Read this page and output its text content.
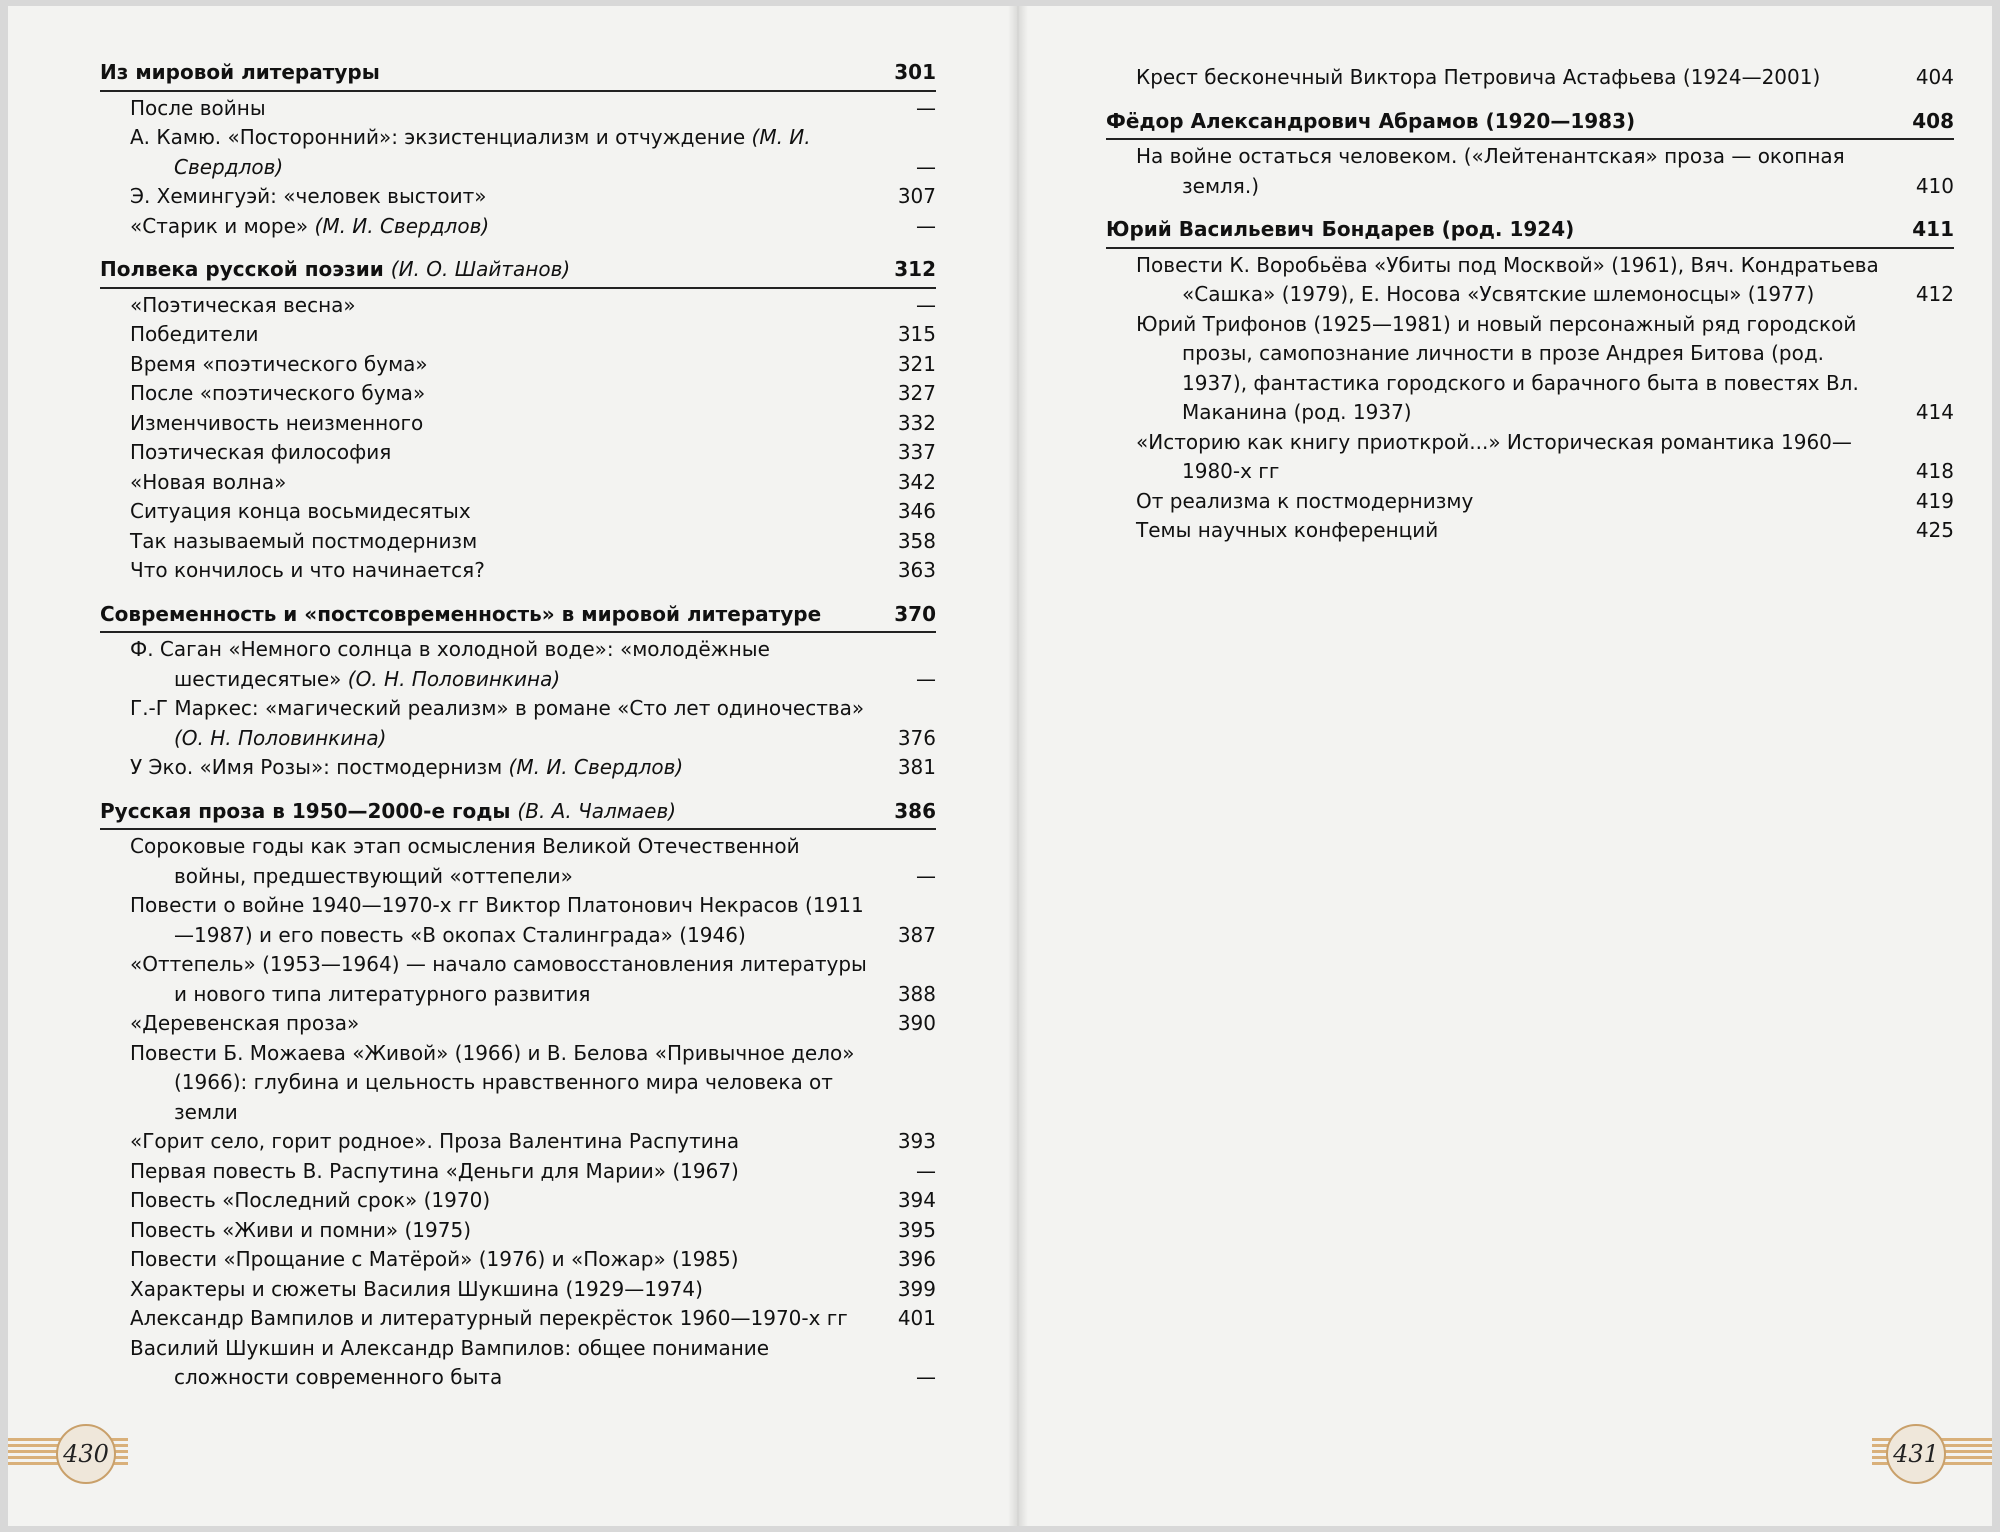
Из мировой литературы	301
После войны	—
А. Камю. «Посторонний»: экзистенциализм и отчуждение (М. И. Свердлов)	—
Э. Хемингуэй: «человек выстоит»	307
«Старик и море» (М. И. Свердлов)	—
Полвека русской поэзии (И. О. Шайтанов)	312
«Поэтическая весна»	—
Победители	315
Время «поэтического бума»	321
После «поэтического бума»	327
Изменчивость неизменного	332
Поэтическая философия	337
«Новая волна»	342
Ситуация конца восьмидесятых	346
Так называемый постмодернизм	358
Что кончилось и что начинается?	363
Современность и «постсовременность» в мировой литературе	370
Ф. Саган «Немного солнца в холодной воде»: «молодёжные шестидесятые» (О. Н. Половинкина)	—
Г.-Г Маркес: «магический реализм» в романе «Сто лет одиночества» (О. Н. Половинкина)	376
У Эко. «Имя Розы»: постмодернизм (М. И. Свердлов)	381
Русская проза в 1950—2000-е годы (В. А. Чалмаев)	386
Сороковые годы как этап осмысления Великой Отечественной войны, предшествующий «оттепели»	—
Повести о войне 1940—1970-х гг Виктор Платонович Некрасов (1911—1987) и его повесть «В окопах Сталинграда» (1946)	387
«Оттепель» (1953—1964) — начало самовосстановления литературы и нового типа литературного развития	388
«Деревенская проза»	390
Повести Б. Можаева «Живой» (1966) и В. Белова «Привычное дело» (1966): глубина и цельность нравственного мира человека от земли
«Горит село, горит родное». Проза Валентина Распутина	393
Первая повесть В. Распутина «Деньги для Марии» (1967)	—
Повесть «Последний срок» (1970)	394
Повесть «Живи и помни» (1975)	395
Повести «Прощание с Матёрой» (1976) и «Пожар» (1985)	396
Характеры и сюжеты Василия Шукшина (1929—1974)	399
Александр Вампилов и литературный перекрёсток 1960—1970-х гг	401
Василий Шукшин и Александр Вампилов: общее понимание сложности современного быта	—
430
Крест бесконечный Виктора Петровича Астафьева (1924—2001)	404
Фёдор Александрович Абрамов (1920—1983)	408
На войне остаться человеком. («Лейтенантская» проза — окопная земля.)	410
Юрий Васильевич Бондарев (род. 1924)	411
Повести К. Воробьёва «Убиты под Москвой» (1961), Вяч. Кондратьева «Сашка» (1979), Е. Носова «Усвятские шлемоносцы» (1977)	412
Юрий Трифонов (1925—1981) и новый персонажный ряд городской прозы, самопознание личности в прозе Андрея Битова (род. 1937), фантастика городского и барачного быта в повестях Вл. Маканина (род. 1937)	414
«Историю как книгу приоткрой...» Историческая романтика 1960—1980-х гг	418
От реализма к постмодернизму	419
Темы научных конференций	425
431
